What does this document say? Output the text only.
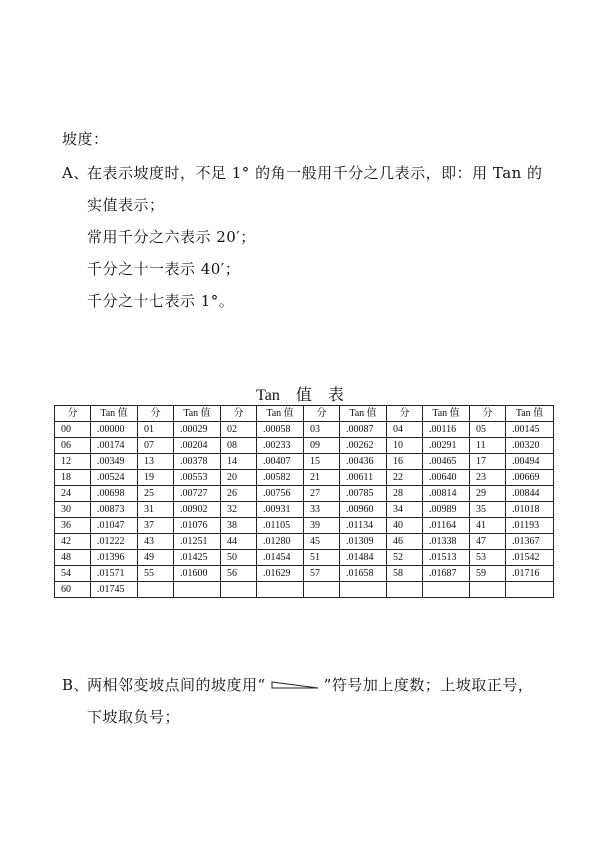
坡度：
A、在表示坡度时，不足 1° 的角一般用千分之几表示，即：用 Tan 的
实值表示；
常用千分之六表示 20′；
千分之十一表示 40′；
千分之十七表示 1°。
Tan 值 表
分	Tan 值	分	Tan 值	分	Tan 值	分	Tan 值	分	Tan 值	分	Tan 值
00	.00000	01	.00029	02	.00058	03	.00087	04	.00116	05	.00145
06	.00174	07	.00204	08	.00233	09	.00262	10	.00291	11	.00320
12	.00349	13	.00378	14	.00407	15	.00436	16	.00465	17	.00494
18	.00524	19	.00553	20	.00582	21	.00611	22	.00640	23	.00669
24	.00698	25	.00727	26	.00756	27	.00785	28	.00814	29	.00844
30	.00873	31	.00902	32	.00931	33	.00960	34	.00989	35	.01018
36	.01047	37	.01076	38	.01105	39	.01134	40	.01164	41	.01193
42	.01222	43	.01251	44	.01280	45	.01309	46	.01338	47	.01367
48	.01396	49	.01425	50	.01454	51	.01484	52	.01513	53	.01542
54	.01571	55	.01600	56	.01629	57	.01658	58	.01687	59	.01716
60	.01745										
B、两相邻变坡点间的坡度用“	”符号加上度数；上坡取正号，
下坡取负号；
